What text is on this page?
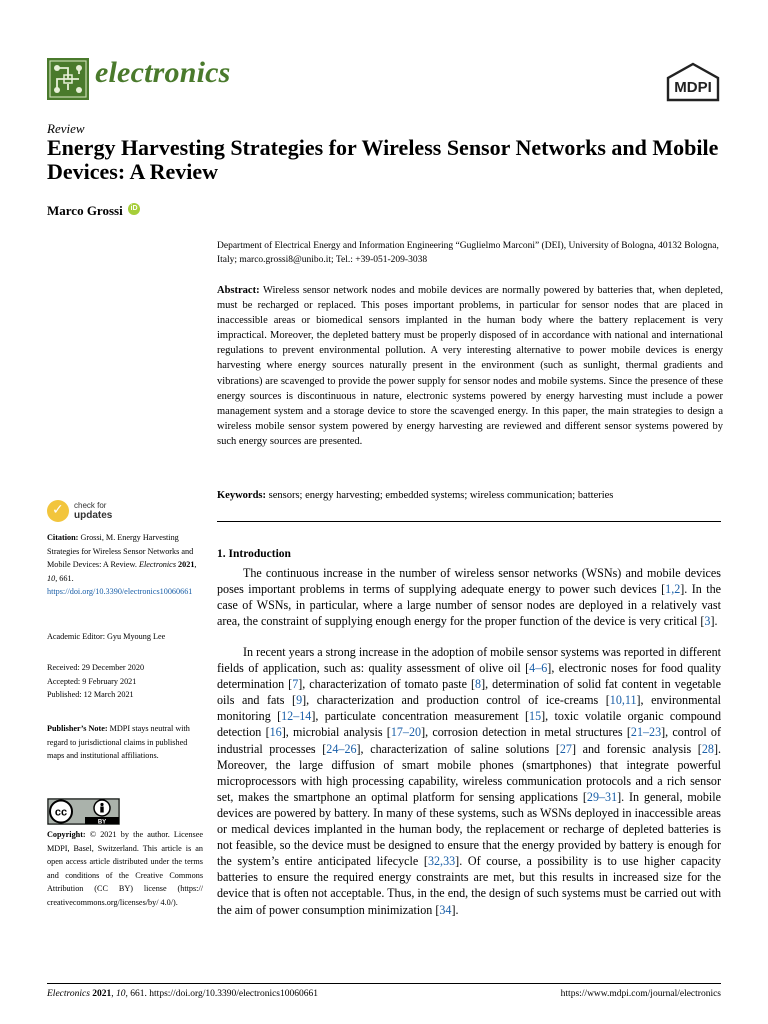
electronics	MDPI
Review
Energy Harvesting Strategies for Wireless Sensor Networks and Mobile Devices: A Review
Marco Grossi	iD
Department of Electrical Energy and Information Engineering “Guglielmo Marconi” (DEI), University of Bologna, 40132 Bologna, Italy; marco.grossi8@unibo.it; Tel.: +39-051-209-3038
Abstract: Wireless sensor network nodes and mobile devices are normally powered by batteries that, when depleted, must be recharged or replaced. This poses important problems, in particular for sensor nodes that are placed in inaccessible areas or biomedical sensors implanted in the human body where the battery replacement is very impractical. Moreover, the depleted battery must be properly disposed of in accordance with national and international regulations to prevent environmental pollution. A very interesting alternative to power mobile devices is energy harvesting where energy sources naturally present in the environment (such as sunlight, thermal gradients and vibrations) are scavenged to provide the power supply for sensor nodes and mobile systems. Since the presence of these energy sources is discontinuous in nature, electronic systems powered by energy harvesting must include a power management system and a storage device to store the scavenged energy. In this paper, the main strategies to design a wireless mobile sensor system powered by energy harvesting are reviewed and different sensor systems powered by such energy sources are presented.
Keywords: sensors; energy harvesting; embedded systems; wireless communication; batteries
✓ check for
updates
Citation: Grossi, M. Energy Harvesting Strategies for Wireless Sensor Networks and Mobile Devices: A Review. Electronics 2021, 10, 661. https://doi.org/10.3390/electronics10060661
Academic Editor: Gyu Myoung Lee
Received: 29 December 2020
Accepted: 9 February 2021
Published: 12 March 2021
Publisher’s Note: MDPI stays neutral with regard to jurisdictional claims in published maps and institutional affiliations.
cc
BY
Copyright: © 2021 by the author. Licensee MDPI, Basel, Switzerland. This article is an open access article distributed under the terms and conditions of the Creative Commons Attribution (CC BY) license (https:// creativecommons.org/licenses/by/ 4.0/).
1. Introduction
The continuous increase in the number of wireless sensor networks (WSNs) and mobile devices poses important problems in terms of supplying adequate energy to power such devices [1,2]. In the case of WSNs, in particular, where a large number of sensor nodes are deployed in a relatively vast area, the constraint of supplying enough energy for the proper function of the device is very critical [3].
In recent years a strong increase in the adoption of mobile sensor systems was reported in different fields of application, such as: quality assessment of olive oil [4–6], electronic noses for food quality determination [7], characterization of tomato paste [8], determination of solid fat content in vegetable oils and fats [9], characterization and production control of ice-creams [10,11], environmental monitoring [12–14], particulate concentration measurement [15], toxic volatile organic compound detection [16], microbial analysis [17–20], corrosion detection in metal structures [21–23], control of industrial processes [24–26], characterization of saline solutions [27] and forensic analysis [28]. Moreover, the large diffusion of smart mobile phones (smartphones) that integrate powerful microprocessors with high processing capability, wireless communication protocols and a rich sensor set, makes the smartphone an optimal platform for sensing applications [29–31]. In general, mobile devices are powered by battery. In many of these systems, such as WSNs deployed in inaccessible areas or medical devices implanted in the human body, the replacement or recharge of depleted batteries is not feasible, so the device must be designed to ensure that the energy provided by battery is enough for the system’s entire anticipated lifecycle [32,33]. Of course, a possibility is to use higher capacity batteries to ensure the required energy constraints are met, but this results in increased size for the device that is often not acceptable. Thus, in the end, the design of such systems must be carried out with the aim of power consumption minimization [34].
Electronics 2021, 10, 661. https://doi.org/10.3390/electronics10060661	https://www.mdpi.com/journal/electronics
